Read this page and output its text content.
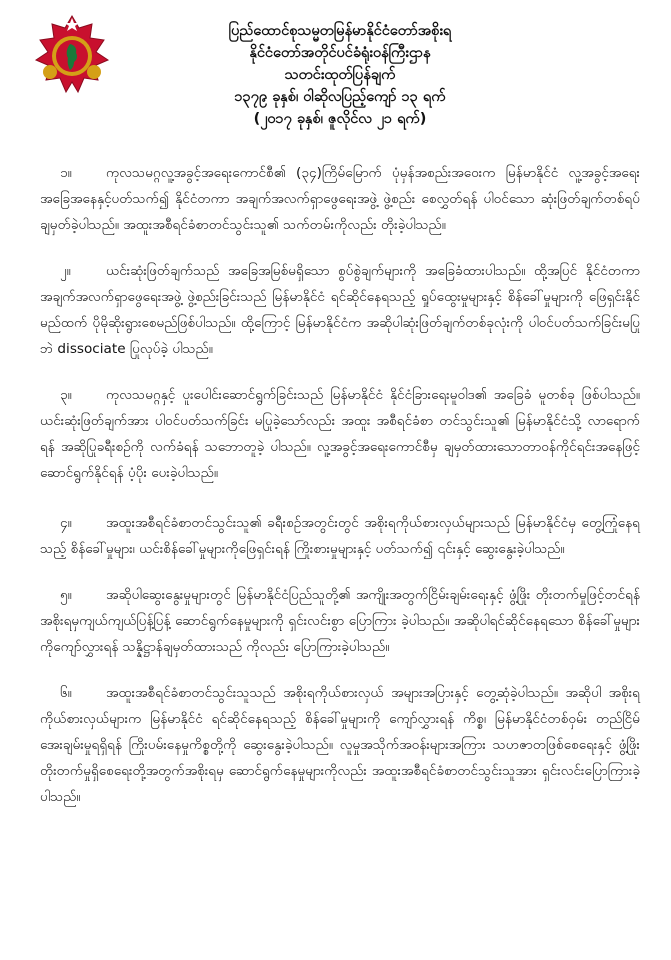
ပြည်ထောင်စုသမ္မတမြန်မာနိုင်ငံတော်အစိုးရ
နိုင်ငံတော်အတိုင်ပင်ခံရုံးဝန်ကြီးဌာန
သတင်းထုတ်ပြန်ချက်
၁၃၇၉ ခုနှစ်၊ ဝါဆိုလပြည့်ကျော် ၁၃ ရက်
(၂၀၁၇ ခုနှစ်၊ ဇူလိုင်လ ၂၁ ရက်)
၁။	ကုလသမဂ္ဂလူ့အခွင့်အရေးကောင်စီ၏ (၃၄)ကြိမ်မြောက် ပုံမှန်အစည်းအဝေးက မြန်မာနိုင်ငံ လူ့အခွင့်အရေး အခြေအနေနှင့်ပတ်သက်၍ နိုင်ငံတကာ အချက်အလက်ရှာဖွေရေးအဖွဲ့ ဖွဲ့စည်း စေလွှတ်ရန် ပါဝင်သော ဆုံးဖြတ်ချက်တစ်ရပ် ချမှတ်ခဲ့ပါသည်။ အထူးအစီရင်ခံစာတင်သွင်းသူ၏ သက်တမ်းကိုလည်း တိုးခဲ့ပါသည်။
၂။	ယင်းဆုံးဖြတ်ချက်သည် အခြေအမြစ်မရှိသော စွပ်စွဲချက်များကို အခြေခံထားပါသည်။ ထို့အပြင် နိုင်ငံတကာ အချက်အလက်ရှာဖွေရေးအဖွဲ့ ဖွဲ့စည်းခြင်းသည် မြန်မာနိုင်ငံ ရင်ဆိုင်နေရသည့် ရှုပ်ထွေးမှုများနှင့် စိန်ခေါ်မှုများကို ဖြေရှင်းနိုင်မည်ထက် ပိုမိုဆိုးရွားစေမည်ဖြစ်ပါသည်။ ထို့ကြောင့် မြန်မာနိုင်ငံက အဆိုပါဆုံးဖြတ်ချက်တစ်ခုလုံးကို ပါဝင်ပတ်သက်ခြင်းမပြုဘဲ dissociate ပြုလုပ်ခဲ့ ပါသည်။
၃။	ကုလသမဂ္ဂနှင့် ပူးပေါင်းဆောင်ရွက်ခြင်းသည် မြန်မာနိုင်ငံ နိုင်ငံခြားရေးမူဝါဒ၏ အခြေခံ မူတစ်ခု ဖြစ်ပါသည်။ ယင်းဆုံးဖြတ်ချက်အား ပါဝင်ပတ်သက်ခြင်း မပြုခဲ့သော်လည်း အထူး အစီရင်ခံစာ တင်သွင်းသူ၏ မြန်မာနိုင်ငံသို့ လာရောက်ရန် အဆိုပြုခရီးစဉ်ကို လက်ခံရန် သဘောတူခဲ့ ပါသည်။ လူ့အခွင့်အရေးကောင်စီမှ ချမှတ်ထားသောတာဝန်ကိုင်ရင်းအနေဖြင့် ဆောင်ရွက်နိုင်ရန် ပံ့ပိုး ပေးခဲ့ပါသည်။
၄။	အထူးအစီရင်ခံစာတင်သွင်းသူ၏ ခရီးစဉ်အတွင်းတွင် အစိုးရကိုယ်စားလှယ်များသည် မြန်မာနိုင်ငံမှ တွေ့ကြုံနေရသည့် စိန်ခေါ်မှုများ၊ ယင်းစိန်ခေါ်မှုများကိုဖြေရှင်းရန် ကြိုးစားမှုများနှင့် ပတ်သက်၍ ၎င်းနှင့် ဆွေးနွေးခဲ့ပါသည်။
၅။	အဆိုပါဆွေးနွေးမှုများတွင် မြန်မာနိုင်ငံပြည်သူတို့၏ အကျိုးအတွက်ငြိမ်းချမ်းရေးနှင့် ဖွံ့ဖြိုး တိုးတက်မှုဖြင့်တင်ရန် အစိုးရမှကျယ်ကျယ်ပြန့်ပြန့် ဆောင်ရွက်နေမှုများကို ရှင်းလင်းစွာ ပြောကြား ခဲ့ပါသည်။ အဆိုပါရင်ဆိုင်နေရသော စိန်ခေါ်မှုများကိုကျော်လွှားရန် သန္နိဋ္ဌာန်ချမှတ်ထားသည် ကိုလည်း ပြောကြားခဲ့ပါသည်။
၆။	အထူးအစီရင်ခံစာတင်သွင်းသူသည် အစိုးရကိုယ်စားလှယ် အများအပြားနှင့် တွေ့ဆုံခဲ့ပါသည်။ အဆိုပါ အစိုးရကိုယ်စားလှယ်များက မြန်မာနိုင်ငံ ရင်ဆိုင်နေရသည့် စိန်ခေါ်မှုများကို ကျော်လွှားရန် ကိစ္စ၊ မြန်မာနိုင်ငံတစ်ဝှမ်း တည်ငြိမ်အေးချမ်းမှုရရှိရန် ကြိုးပမ်းနေမှုကိစ္စတို့ကို ဆွေးနွေးခဲ့ပါသည်။ လူမှုအသိုက်အဝန်းများအကြား သဟဇာတဖြစ်စေရေးနှင့် ဖွံ့ဖြိုးတိုးတက်မှုရှိစေရေးတို့အတွက်အစိုးရမှ ဆောင်ရွက်နေမှုများကိုလည်း အထူးအစီရင်ခံစာတင်သွင်းသူအား ရှင်းလင်းပြောကြားခဲ့ပါသည်။
